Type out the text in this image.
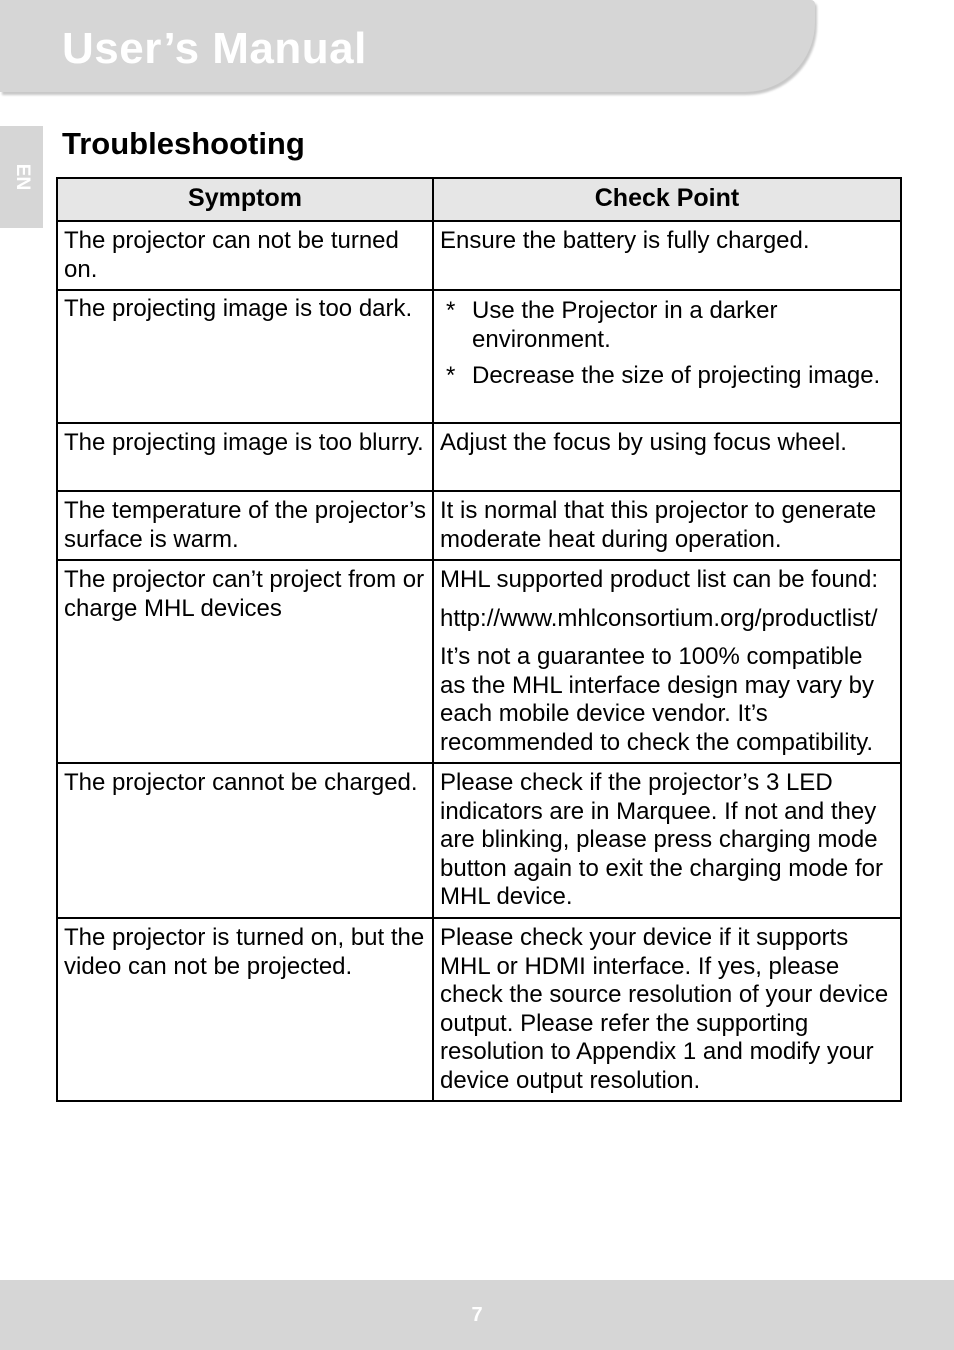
User’s Manual
EN
Troubleshooting
Symptom	Check Point
The projector can not be turned on.	Ensure the battery is fully charged.
The projecting image is too dark.	* Use the Projector in a darker environment.
* Decrease the size of projecting image.

The projecting image is too blurry.	Adjust the focus by using focus wheel.
The temperature of the projector’s surface is warm.	It is normal that this projector to generate moderate heat during operation.
The projector can’t project from or charge MHL devices	MHL supported product list can be found:
http://www.mhlconsortium.org/productlist/
It’s not a guarantee to 100% compatible as the MHL interface design may vary by each mobile device vendor. It’s recommended to check the compatibility.

The projector cannot be charged.	Please check if the projector’s 3 LED indicators are in Marquee. If not and they are blinking, please press charging mode button again to exit the charging mode for MHL device.
The projector is turned on, but the video can not be projected.	Please check your device if it supports MHL or HDMI interface. If yes, please check the source resolution of your device output. Please refer the supporting resolution to Appendix 1 and modify your device output resolution.
7
